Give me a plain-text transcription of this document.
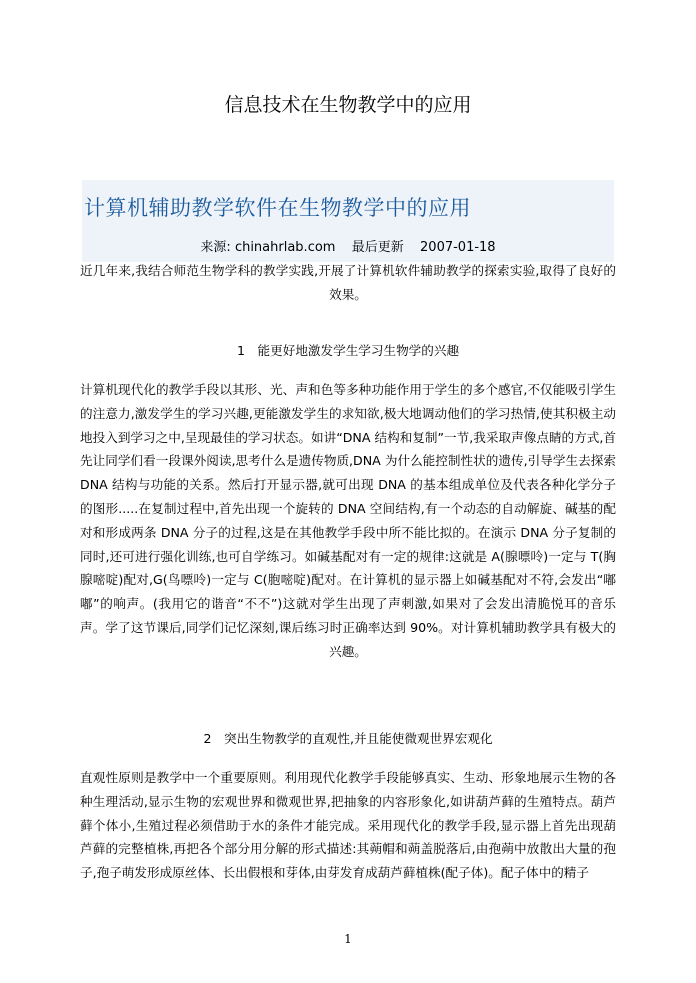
信息技术在生物教学中的应用
计算机辅助教学软件在生物教学中的应用
来源: chinahrlab.com 最后更新 2007-01-18
近几年来,我结合师范生物学科的教学实践,开展了计算机软件辅助教学的探索实验,取得了良好的效果。
1　能更好地激发学生学习生物学的兴趣
计算机现代化的教学手段以其形、光、声和色等多种功能作用于学生的多个感官,不仅能吸引学生的注意力,激发学生的学习兴趣,更能激发学生的求知欲,极大地调动他们的学习热情,使其积极主动地投入到学习之中,呈现最佳的学习状态。如讲“DNA 结构和复制”一节,我采取声像点睛的方式,首先让同学们看一段课外阅读,思考什么是遗传物质,DNA 为什么能控制性状的遗传,引导学生去探索 DNA 结构与功能的关系。然后打开显示器,就可出现 DNA 的基本组成单位及代表各种化学分子的图形.....在复制过程中,首先出现一个旋转的 DNA 空间结构,有一个动态的自动解旋、碱基的配对和形成两条 DNA 分子的过程,这是在其他教学手段中所不能比拟的。在演示 DNA 分子复制的同时,还可进行强化训练,也可自学练习。如碱基配对有一定的规律:这就是 A(腺嘌呤)一定与 T(胸腺嘧啶)配对,G(鸟嘌呤)一定与 C(胞嘧啶)配对。在计算机的显示器上如碱基配对不符,会发出“嘟嘟”的响声。(我用它的谐音“不不”)这就对学生出现了声刺激,如果对了会发出清脆悦耳的音乐声。学了这节课后,同学们记忆深刻,课后练习时正确率达到 90%。对计算机辅助教学具有极大的兴趣。
2　突出生物教学的直观性,并且能使微观世界宏观化
直观性原则是教学中一个重要原则。利用现代化教学手段能够真实、生动、形象地展示生物的各种生理活动,显示生物的宏观世界和微观世界,把抽象的内容形象化,如讲葫芦藓的生殖特点。葫芦藓个体小,生殖过程必须借助于水的条件才能完成。采用现代化的教学手段,显示器上首先出现葫芦藓的完整植株,再把各个部分用分解的形式描述:其蒴帽和蒴盖脱落后,由孢蒴中放散出大量的孢子,孢子萌发形成原丝体、长出假根和芽体,由芽发育成葫芦藓植株(配子体)。配子体中的精子
1
